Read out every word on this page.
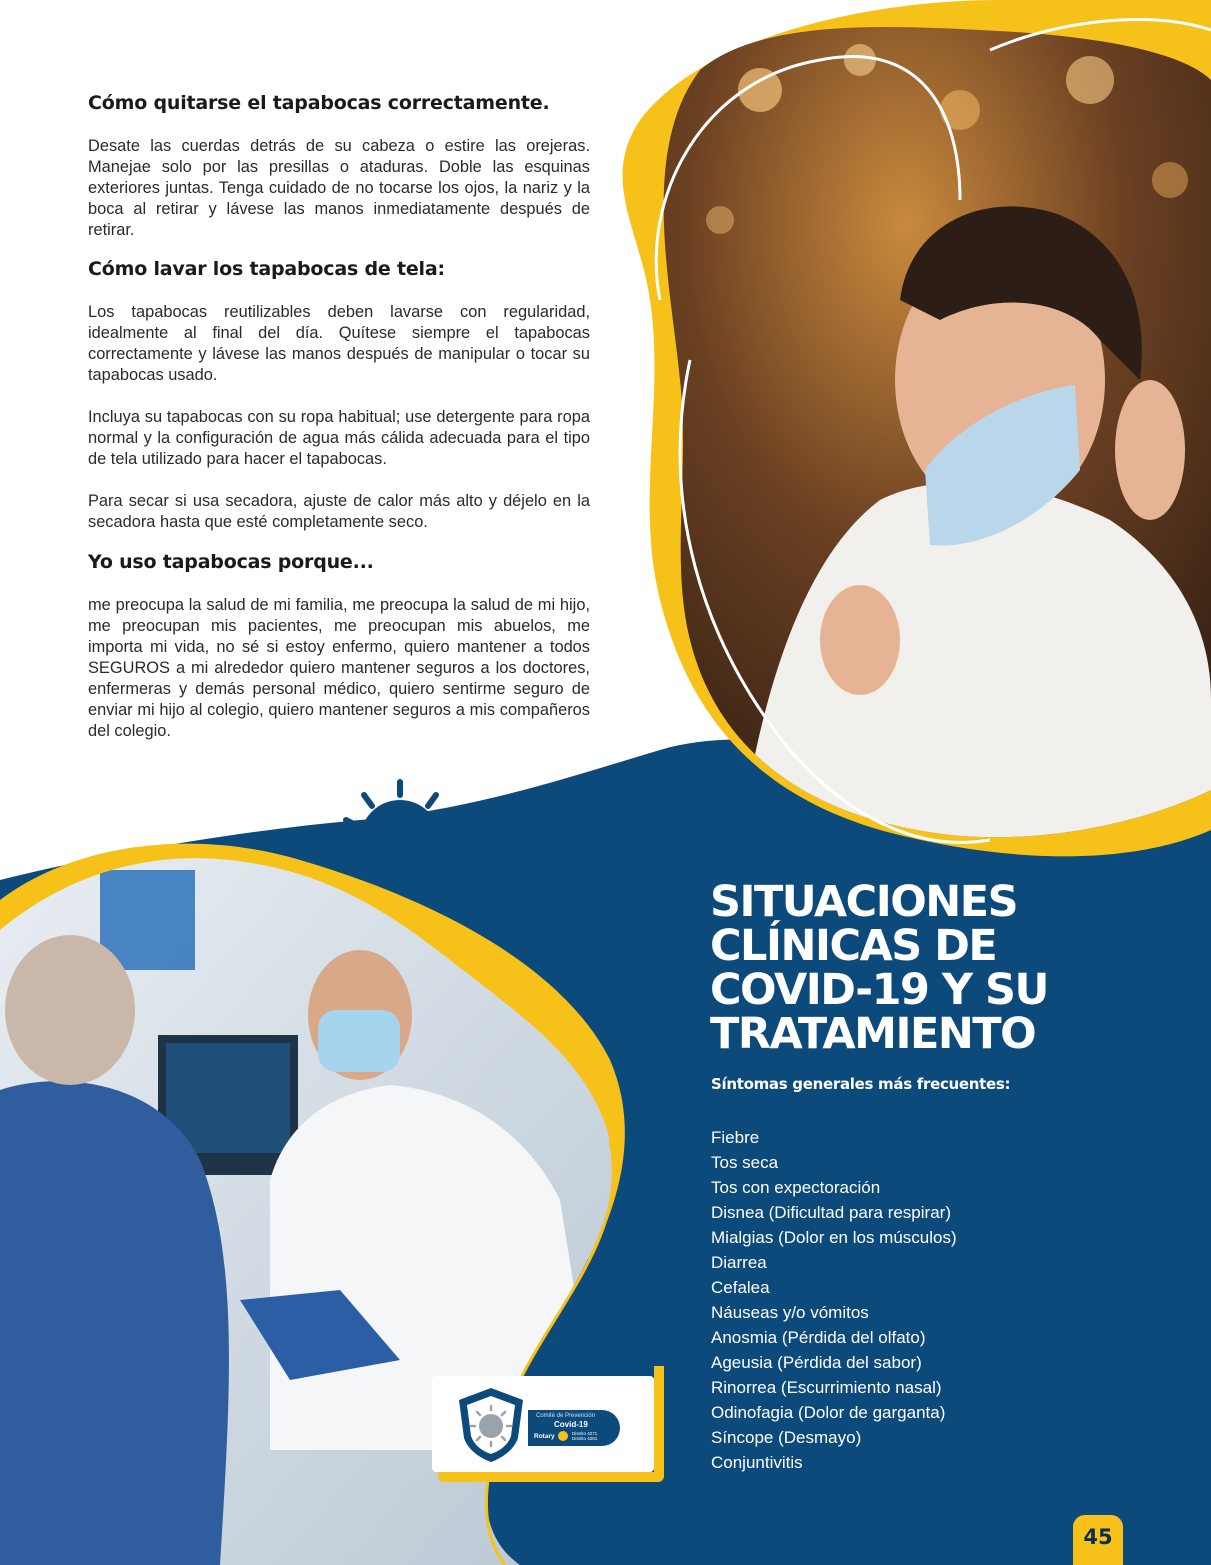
Cómo quitarse el tapabocas correctamente.

Desate las cuerdas detrás de su cabeza o estire las orejeras. Manejae solo por las presillas o ataduras. Doble las esquinas exteriores juntas. Tenga cuidado de no tocarse los ojos, la nariz y la boca al retirar y lávese las manos inmediatamente después de retirar.

Cómo lavar los tapabocas de tela:

Los tapabocas reutilizables deben lavarse con regularidad, idealmente al final del día. Quítese siempre el tapabocas correctamente y lávese las manos después de manipular o tocar su tapabocas usado.

Incluya su tapabocas con su ropa habitual; use detergente para ropa normal y la configuración de agua más cálida adecuada para el tipo de tela utilizado para hacer el tapabocas.

Para secar si usa secadora, ajuste de calor más alto y déjelo en la secadora hasta que esté completamente seco.

Yo uso tapabocas porque...

me preocupa la salud de mi familia, me preocupa la salud de mi hijo, me preocupan mis pacientes, me preocupan mis abuelos, me importa mi vida, no sé si estoy enfermo, quiero mantener a todos SEGUROS a mi alrededor quiero mantener seguros a los doctores, enfermeras y demás personal médico, quiero sentirme seguro de enviar mi hijo al colegio, quiero mantener seguros a mis compañeros del colegio.

SITUACIONES
CLÍNICAS DE
COVID-19 Y SU
TRATAMIENTO

Síntomas generales más frecuentes:

Fiebre
Tos seca
Tos con expectoración
Disnea (Dificultad para respirar)
Mialgias (Dolor en los músculos)
Diarrea
Cefalea
Náuseas y/o vómitos
Anosmia (Pérdida del olfato)
Ageusia (Pérdida del sabor)
Rinorrea (Escurrimiento nasal)
Odinofagia (Dolor de garganta)
Síncope (Desmayo)
Conjuntivitis
Comité de Prevención
Covid-19
Rotary	Distrito 4271
Distrito 4281
45
